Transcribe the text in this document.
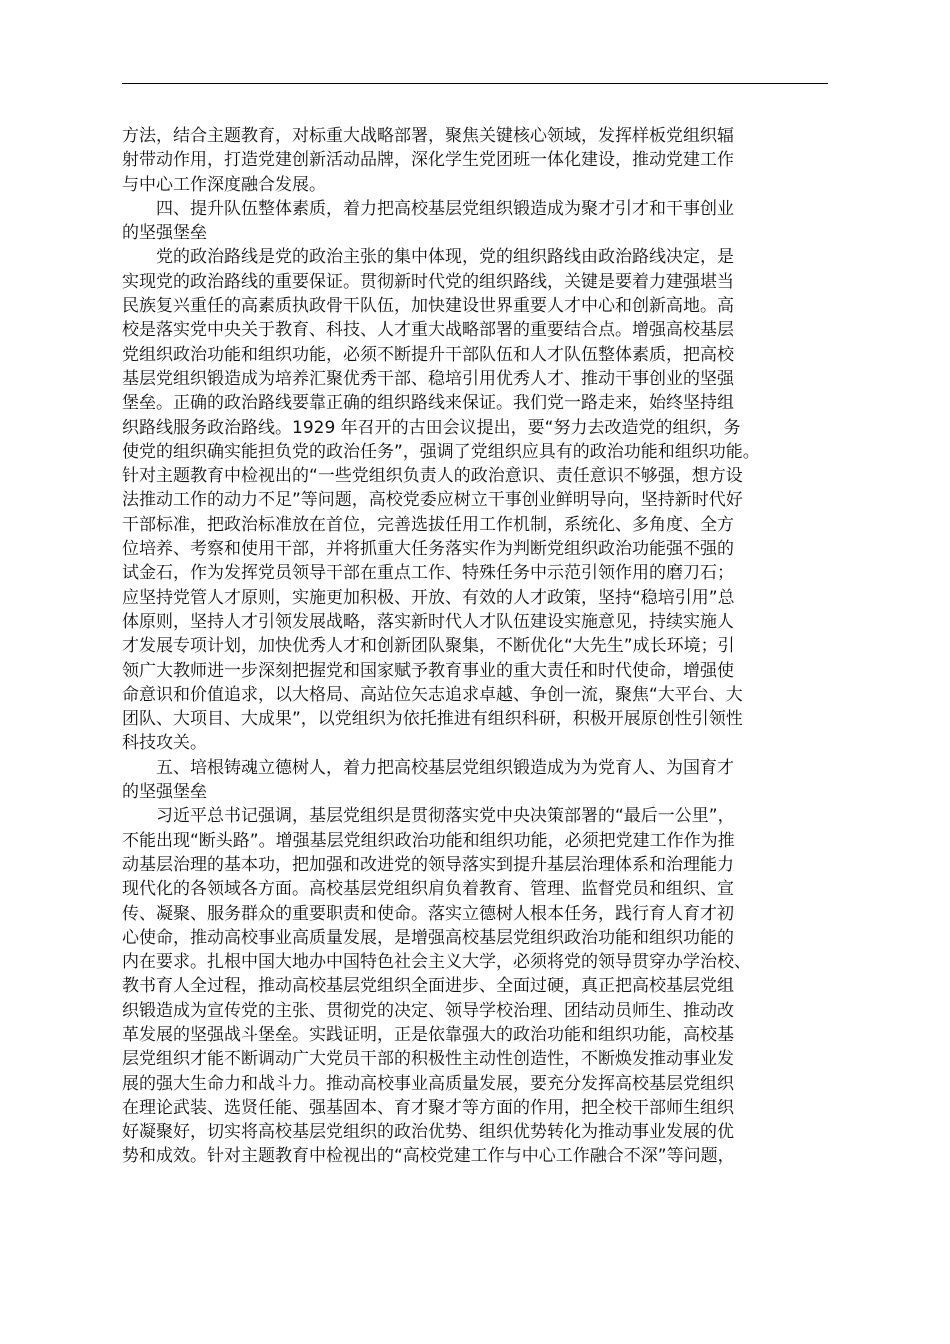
方法，结合主题教育，对标重大战略部署，聚焦关键核心领域，发挥样板党组织辐
射带动作用，打造党建创新活动品牌，深化学生党团班一体化建设，推动党建工作
与中心工作深度融合发展。
　　四、提升队伍整体素质，着力把高校基层党组织锻造成为聚才引才和干事创业
的坚强堡垒
　　党的政治路线是党的政治主张的集中体现，党的组织路线由政治路线决定，是
实现党的政治路线的重要保证。贯彻新时代党的组织路线，关键是要着力建强堪当
民族复兴重任的高素质执政骨干队伍，加快建设世界重要人才中心和创新高地。高
校是落实党中央关于教育、科技、人才重大战略部署的重要结合点。增强高校基层
党组织政治功能和组织功能，必须不断提升干部队伍和人才队伍整体素质，把高校
基层党组织锻造成为培养汇聚优秀干部、稳培引用优秀人才、推动干事创业的坚强
堡垒。正确的政治路线要靠正确的组织路线来保证。我们党一路走来，始终坚持组
织路线服务政治路线。1929 年召开的古田会议提出，要“努力去改造党的组织，务
使党的组织确实能担负党的政治任务”，强调了党组织应具有的政治功能和组织功能。
针对主题教育中检视出的“一些党组织负责人的政治意识、责任意识不够强，想方设
法推动工作的动力不足”等问题，高校党委应树立干事创业鲜明导向，坚持新时代好
干部标准，把政治标准放在首位，完善选拔任用工作机制，系统化、多角度、全方
位培养、考察和使用干部，并将抓重大任务落实作为判断党组织政治功能强不强的
试金石，作为发挥党员领导干部在重点工作、特殊任务中示范引领作用的磨刀石；
应坚持党管人才原则，实施更加积极、开放、有效的人才政策，坚持“稳培引用”总
体原则，坚持人才引领发展战略，落实新时代人才队伍建设实施意见，持续实施人
才发展专项计划，加快优秀人才和创新团队聚集，不断优化“大先生”成长环境；引
领广大教师进一步深刻把握党和国家赋予教育事业的重大责任和时代使命，增强使
命意识和价值追求，以大格局、高站位矢志追求卓越、争创一流，聚焦“大平台、大
团队、大项目、大成果”，以党组织为依托推进有组织科研，积极开展原创性引领性
科技攻关。
　　五、培根铸魂立德树人，着力把高校基层党组织锻造成为为党育人、为国育才
的坚强堡垒
　　习近平总书记强调，基层党组织是贯彻落实党中央决策部署的“最后一公里”，
不能出现“断头路”。增强基层党组织政治功能和组织功能，必须把党建工作作为推
动基层治理的基本功，把加强和改进党的领导落实到提升基层治理体系和治理能力
现代化的各领域各方面。高校基层党组织肩负着教育、管理、监督党员和组织、宣
传、凝聚、服务群众的重要职责和使命。落实立德树人根本任务，践行育人育才初
心使命，推动高校事业高质量发展，是增强高校基层党组织政治功能和组织功能的
内在要求。扎根中国大地办中国特色社会主义大学，必须将党的领导贯穿办学治校、
教书育人全过程，推动高校基层党组织全面进步、全面过硬，真正把高校基层党组
织锻造成为宣传党的主张、贯彻党的决定、领导学校治理、团结动员师生、推动改
革发展的坚强战斗堡垒。实践证明，正是依靠强大的政治功能和组织功能，高校基
层党组织才能不断调动广大党员干部的积极性主动性创造性，不断焕发推动事业发
展的强大生命力和战斗力。推动高校事业高质量发展，要充分发挥高校基层党组织
在理论武装、选贤任能、强基固本、育才聚才等方面的作用，把全校干部师生组织
好凝聚好，切实将高校基层党组织的政治优势、组织优势转化为推动事业发展的优
势和成效。针对主题教育中检视出的“高校党建工作与中心工作融合不深”等问题，
